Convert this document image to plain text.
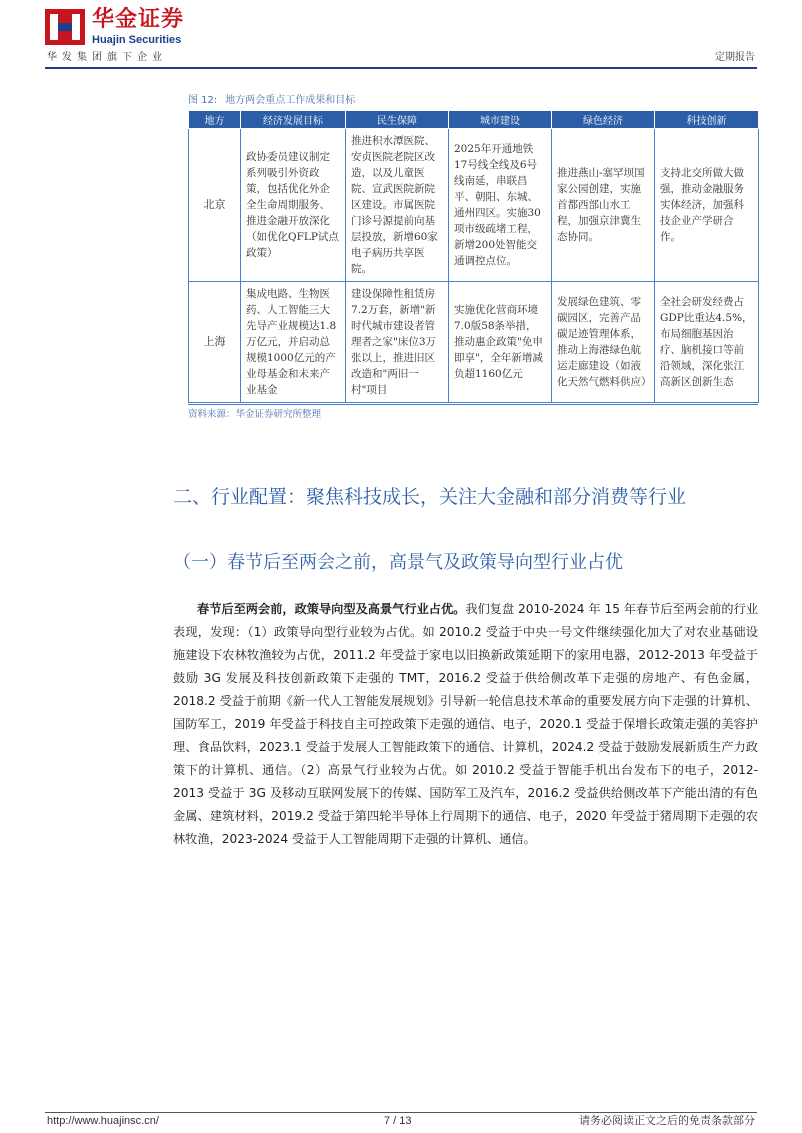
华金证券
Huajin Securities
华发集团旗下企业	定期报告
图 12: 地方两会重点工作成果和目标
地方	经济发展目标	民生保障	城市建设	绿色经济	科技创新
北京	政协委员建议制定系列吸引外资政策，包括优化外企全生命周期服务、推进金融开放深化（如优化QFLP试点政策）	推进积水潭医院、安贞医院老院区改造，以及儿童医院、宣武医院新院区建设。市属医院门诊号源提前向基层投放，新增60家电子病历共享医院。	2025年开通地铁17号线全线及6号线南延，串联昌平、朝阳、东城、通州四区。实施30项市级疏堵工程，新增200处智能交通调控点位。	推进燕山-塞罕坝国家公园创建，实施首都西部山水工程，加强京津冀生态协同。	支持北交所做大做强，推动金融服务实体经济，加强科技企业产学研合作。

上海	集成电路、生物医药、人工智能三大先导产业规模达1.8万亿元，并启动总规模1000亿元的产业母基金和未来产业基金	建设保障性租赁房7.2万套，新增"新时代城市建设者管理者之家"床位3万张以上，推进旧区改造和"两旧一村"项目	实施优化营商环境7.0版58条举措，推动惠企政策"免申即享"，全年新增减负超1160亿元	发展绿色建筑、零碳园区，完善产品碳足迹管理体系，推动上海港绿色航运走廊建设（如液化天然气燃料供应）	全社会研发经费占GDP比重达4.5%，布局细胞基因治疗、脑机接口等前沿领域，深化张江高新区创新生态
资料来源：华金证券研究所整理
二、行业配置：聚焦科技成长，关注大金融和部分消费等行业
（一）春节后至两会之前，高景气及政策导向型行业占优
春节后至两会前，政策导向型及高景气行业占优。我们复盘 2010-2024 年 15 年春节后至两会前的行业表现，发现：（1）政策导向型行业较为占优。如 2010.2 受益于中央一号文件继续强化加大了对农业基础设施建设下农林牧渔较为占优，2011.2 年受益于家电以旧换新政策延期下的家用电器，2012-2013 年受益于鼓励 3G 发展及科技创新政策下走强的 TMT，2016.2 受益于供给侧改革下走强的房地产、有色金属，2018.2 受益于前期《新一代人工智能发展规划》引导新一轮信息技术革命的重要发展方向下走强的计算机、国防军工，2019 年受益于科技自主可控政策下走强的通信、电子，2020.1 受益于保增长政策走强的美容护理、食品饮料，2023.1 受益于发展人工智能政策下的通信、计算机，2024.2 受益于鼓励发展新质生产力政策下的计算机、通信。（2）高景气行业较为占优。如 2010.2 受益于智能手机出台发布下的电子，2012-2013 受益于 3G 及移动互联网发展下的传媒、国防军工及汽车，2016.2 受益供给侧改革下产能出清的有色金属、建筑材料，2019.2 受益于第四轮半导体上行周期下的通信、电子，2020 年受益于猪周期下走强的农林牧渔，2023-2024 受益于人工智能周期下走强的计算机、通信。
http://www.huajinsc.cn/	7 / 13	请务必阅读正文之后的免责条款部分
